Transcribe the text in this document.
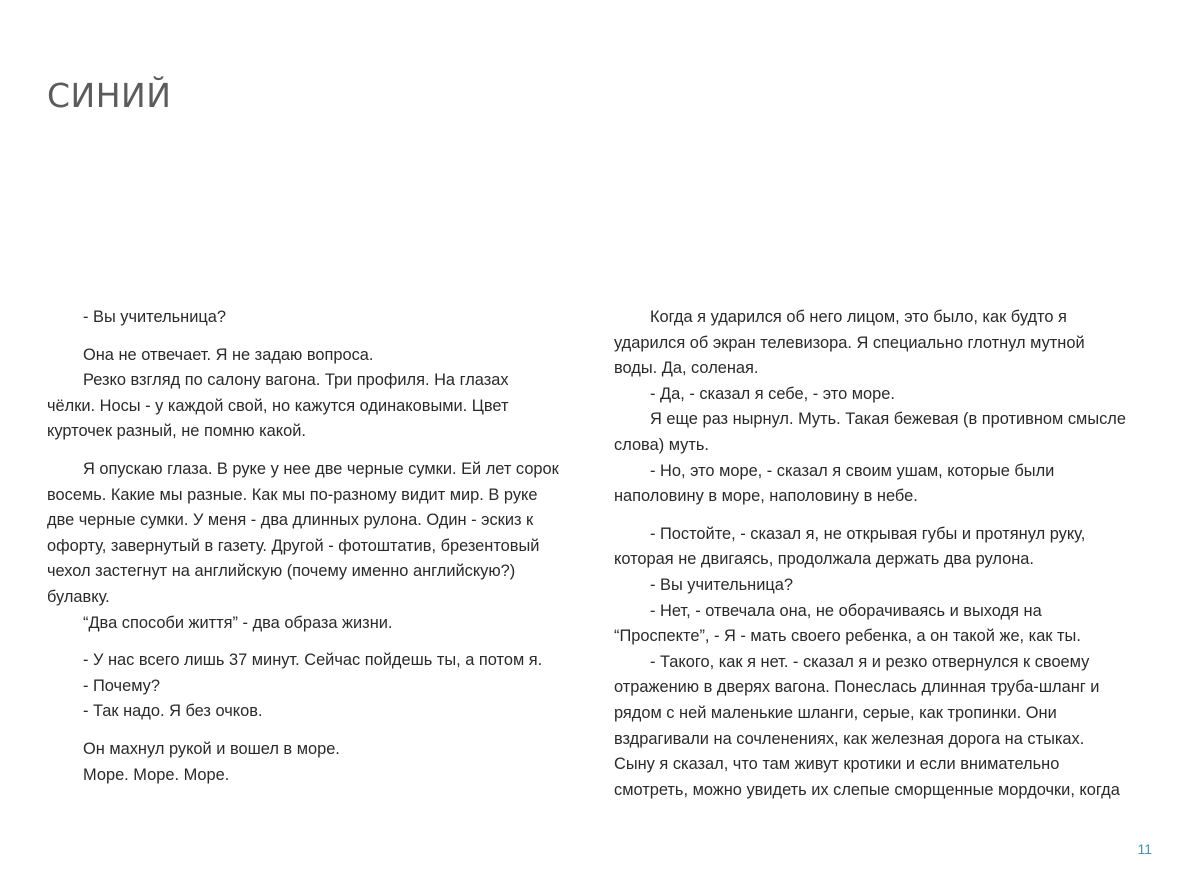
СИНИЙ
- Вы учительница?
Она не отвечает. Я не задаю вопроса.
Резко взгляд по салону вагона. Три профиля. На глазах
чёлки. Носы - у каждой свой, но кажутся одинаковыми. Цвет
курточек разный, не помню какой.
Я опускаю глаза. В руке у нее две черные сумки. Ей лет сорок
восемь. Какие мы разные. Как мы по-разному видит мир. В руке
две черные сумки. У меня - два длинных рулона. Один - эскиз к
офорту, завернутый в газету. Другой - фотоштатив, брезентовый
чехол застегнут на английскую (почему именно английскую?)
булавку.
“Два способи життя” - два образа жизни.
- У нас всего лишь 37 минут. Сейчас пойдешь ты, а потом я.
- Почему?
- Так надо. Я без очков.
Он махнул рукой и вошел в море.
Море. Море. Море.
Когда я ударился об него лицом, это было, как будто я
ударился об экран телевизора. Я специально глотнул мутной
воды. Да, соленая.
- Да, - сказал я себе, - это море.
Я еще раз нырнул. Муть. Такая бежевая (в противном смысле
слова) муть.
- Но, это море, - сказал я своим ушам, которые были
наполовину в море, наполовину в небе.
- Постойте, - сказал я, не открывая губы и протянул руку,
которая не двигаясь, продолжала держать два рулона.
- Вы учительница?
- Нет, - отвечала она, не оборачиваясь и выходя на
“Проспекте”, - Я - мать своего ребенка, а он такой же, как ты.
- Такого, как я нет. - сказал я и резко отвернулся к своему
отражению в дверях вагона. Понеслась длинная труба-шланг и
рядом с ней маленькие шланги, серые, как тропинки. Они
вздрагивали на сочленениях, как железная дорога на стыках.
Сыну я сказал, что там живут кротики и если внимательно
смотреть, можно увидеть их слепые сморщенные мордочки, когда
11
